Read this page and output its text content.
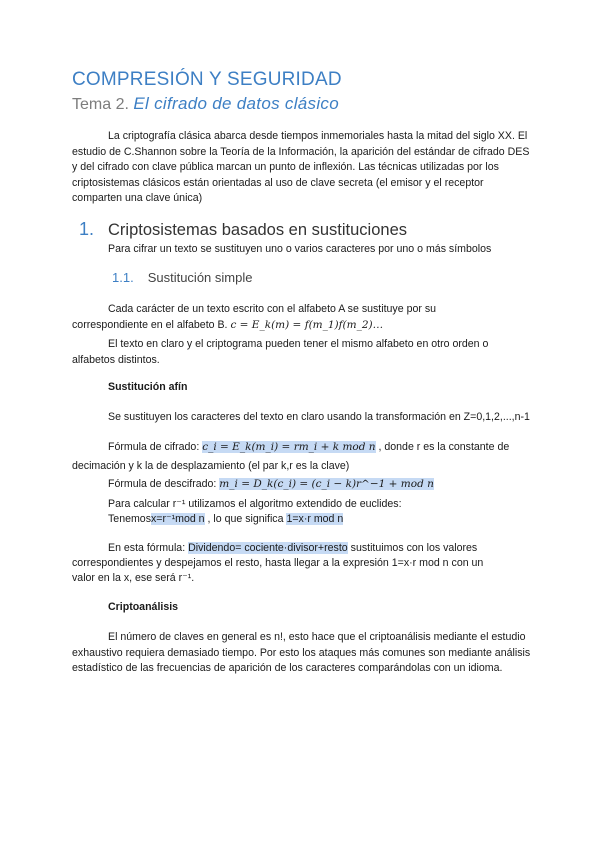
COMPRESIÓN Y SEGURIDAD
Tema 2. El cifrado de datos clásico
La criptografía clásica abarca desde tiempos inmemoriales hasta la mitad del siglo XX. El estudio de C.Shannon sobre la Teoría de la Información, la aparición del estándar de cifrado DES y del cifrado con clave pública marcan un punto de inflexión. Las técnicas utilizadas por los criptosistemas clásicos están orientadas al uso de clave secreta (el emisor y el receptor comparten una clave única)
1. Criptosistemas basados en sustituciones
Para cifrar un texto se sustituyen uno o varios caracteres por uno o más símbolos
1.1. Sustitución simple
Cada carácter de un texto escrito con el alfabeto A se sustituye por su
correspondiente en el alfabeto B. c = E_k(m) = f(m_1)f(m_2)…
El texto en claro y el criptograma pueden tener el mismo alfabeto en otro orden o alfabetos distintos.
Sustitución afín
Se sustituyen los caracteres del texto en claro usando la transformación en Z=0,1,2,...,n-1
Fórmula de cifrado: c_i = E_k(m_i) = rm_i + k mod n , donde r es la constante de
decimación y k la de desplazamiento (el par k,r es la clave)
Fórmula de descifrado: m_i = D_k(c_i) = (c_i − k)r^−1 + mod n
Para calcular r⁻¹ utilizamos el algoritmo extendido de euclides:
Tenemosx=r⁻¹mod n , lo que significa 1=x·r mod n
En esta fórmula: Dividendo= cociente·divisor+resto sustituimos con los valores
correspondientes y despejamos el resto, hasta llegar a la expresión 1=x·r mod n con un
valor en la x, ese será r⁻¹.
Criptoanálisis
El número de claves en general es n!, esto hace que el criptoanálisis mediante el estudio exhaustivo requiera demasiado tiempo. Por esto los ataques más comunes son mediante análisis estadístico de las frecuencias de aparición de los caracteres comparándolas con un idioma.
